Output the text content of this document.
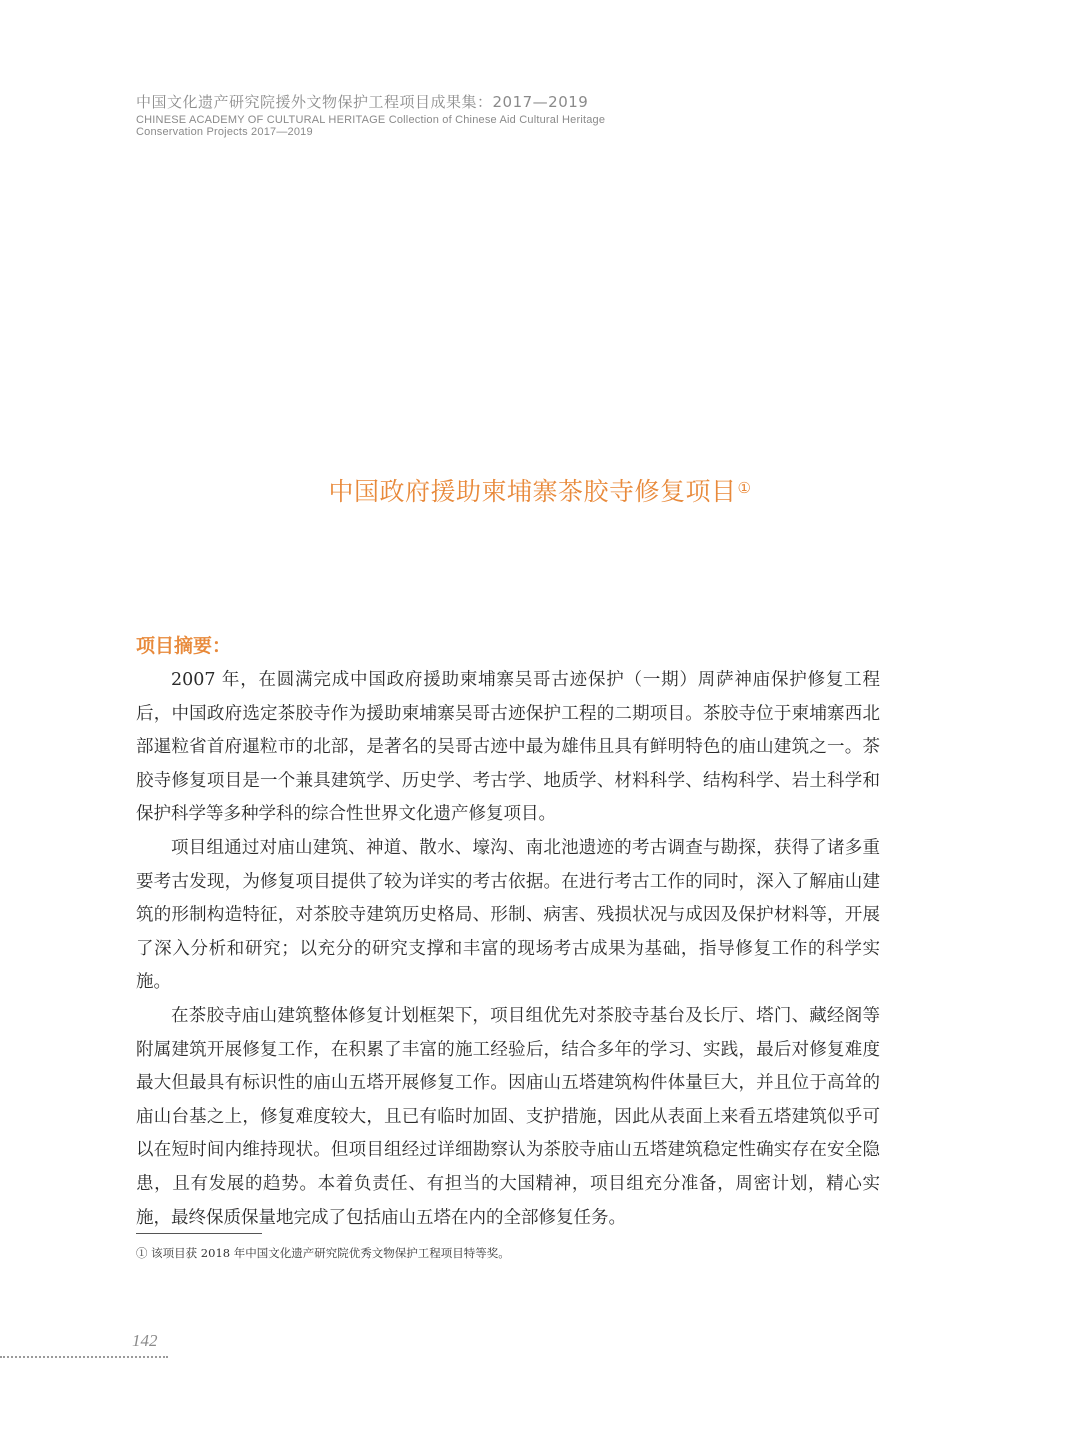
中国文化遗产研究院援外文物保护工程项目成果集：2017—2019
CHINESE ACADEMY OF CULTURAL HERITAGE Collection of Chinese Aid Cultural Heritage
Conservation Projects 2017—2019
中国政府援助柬埔寨茶胶寺修复项目①
项目摘要：

2007 年，在圆满完成中国政府援助柬埔寨吴哥古迹保护（一期）周萨神庙保护修复工程后，中国政府选定茶胶寺作为援助柬埔寨吴哥古迹保护工程的二期项目。茶胶寺位于柬埔寨西北部暹粒省首府暹粒市的北部，是著名的吴哥古迹中最为雄伟且具有鲜明特色的庙山建筑之一。茶胶寺修复项目是一个兼具建筑学、历史学、考古学、地质学、材料科学、结构科学、岩土科学和保护科学等多种学科的综合性世界文化遗产修复项目。

项目组通过对庙山建筑、神道、散水、壕沟、南北池遗迹的考古调查与勘探，获得了诸多重要考古发现，为修复项目提供了较为详实的考古依据。在进行考古工作的同时，深入了解庙山建筑的形制构造特征，对茶胶寺建筑历史格局、形制、病害、残损状况与成因及保护材料等，开展了深入分析和研究；以充分的研究支撑和丰富的现场考古成果为基础，指导修复工作的科学实施。

在茶胶寺庙山建筑整体修复计划框架下，项目组优先对茶胶寺基台及长厅、塔门、藏经阁等附属建筑开展修复工作，在积累了丰富的施工经验后，结合多年的学习、实践，最后对修复难度最大但最具有标识性的庙山五塔开展修复工作。因庙山五塔建筑构件体量巨大，并且位于高耸的庙山台基之上，修复难度较大，且已有临时加固、支护措施，因此从表面上来看五塔建筑似乎可以在短时间内维持现状。但项目组经过详细勘察认为茶胶寺庙山五塔建筑稳定性确实存在安全隐患，且有发展的趋势。本着负责任、有担当的大国精神，项目组充分准备，周密计划，精心实施，最终保质保量地完成了包括庙山五塔在内的全部修复任务。

① 该项目获 2018 年中国文化遗产研究院优秀文物保护工程项目特等奖。
142
